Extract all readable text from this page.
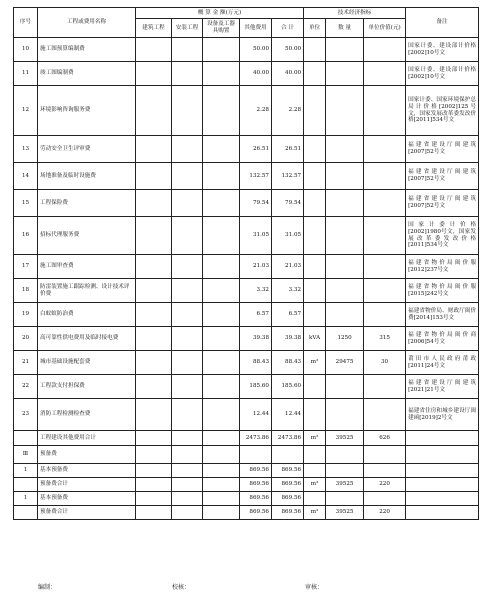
序号	工程或费用名称	概 算 金 额(万元)					技术经济指标			备注
		建筑工程	安装工程	设备及工器具购置	其他费用	合 计	单位	数 量	单位价值(元)	
10	施工图预算编制费				50.00	50.00				国家计委、建设部计价格[2002]10号文
11	竣工图编制费				40.00	40.00				国家计委、建设部计价格[2002]10号文
12	环境影响咨询服务费				2.28	2.28				国家计委、国家环境保护总局计价格[2002]125号文，国家发展改革委发改价格[2011]534号文
13	劳动安全卫生评审费				26.51	26.51				福建省建设厅闽建筑[2007]52号文
14	场地准备及临时设施费				132.57	132.57				福建省建设厅闽建筑[2007]52号文
15	工程保险费				79.54	79.54				福建省建设厅闽建筑[2007]52号文
16	招标代理服务费				31.05	31.05				国家计委计价格[2002]1980号文，国家发展改革委发改价格[2011]534号文
17	施工图审查费				21.03	21.03				福建省物价局闽价服[2012]237号文
18	防雷装置施工跟踪检测、设计技术评价费				3.32	3.32				福建省物价局闽价服[2015]242号文
19	白蚁蚁防治费				6.57	6.57				福建省物价局、财政厅闽价费[2014]153号文
20	高可靠性供电费用及临时接电费				39.38	39.38	kVA	1250	315	福建省物价局闽价商[2006]54号文
21	城市基础设施配套费				88.43	88.43	m²	29475	30	莆田市人民政府莆政[2011]24号文
22	工程款支付担保费				185.60	185.60				福建省建设厅闽建筑[2021]21号文
23	消防工程检测检查费				12.44	12.44				福建省住房和城乡建设厅闽建函[2019]2号文
	工程建设其他费用合计				2473.86	2473.86	m²	39525	626	
Ⅲ	预备费									
1	基本预备费				869.56	869.56				
	预备费合计				869.56	869.56	m²	39525	220	
1	基本预备费				869.56	869.56				
	预备费合计				869.56	869.56	m²	39525	220	
编制：	校核：	审核：
